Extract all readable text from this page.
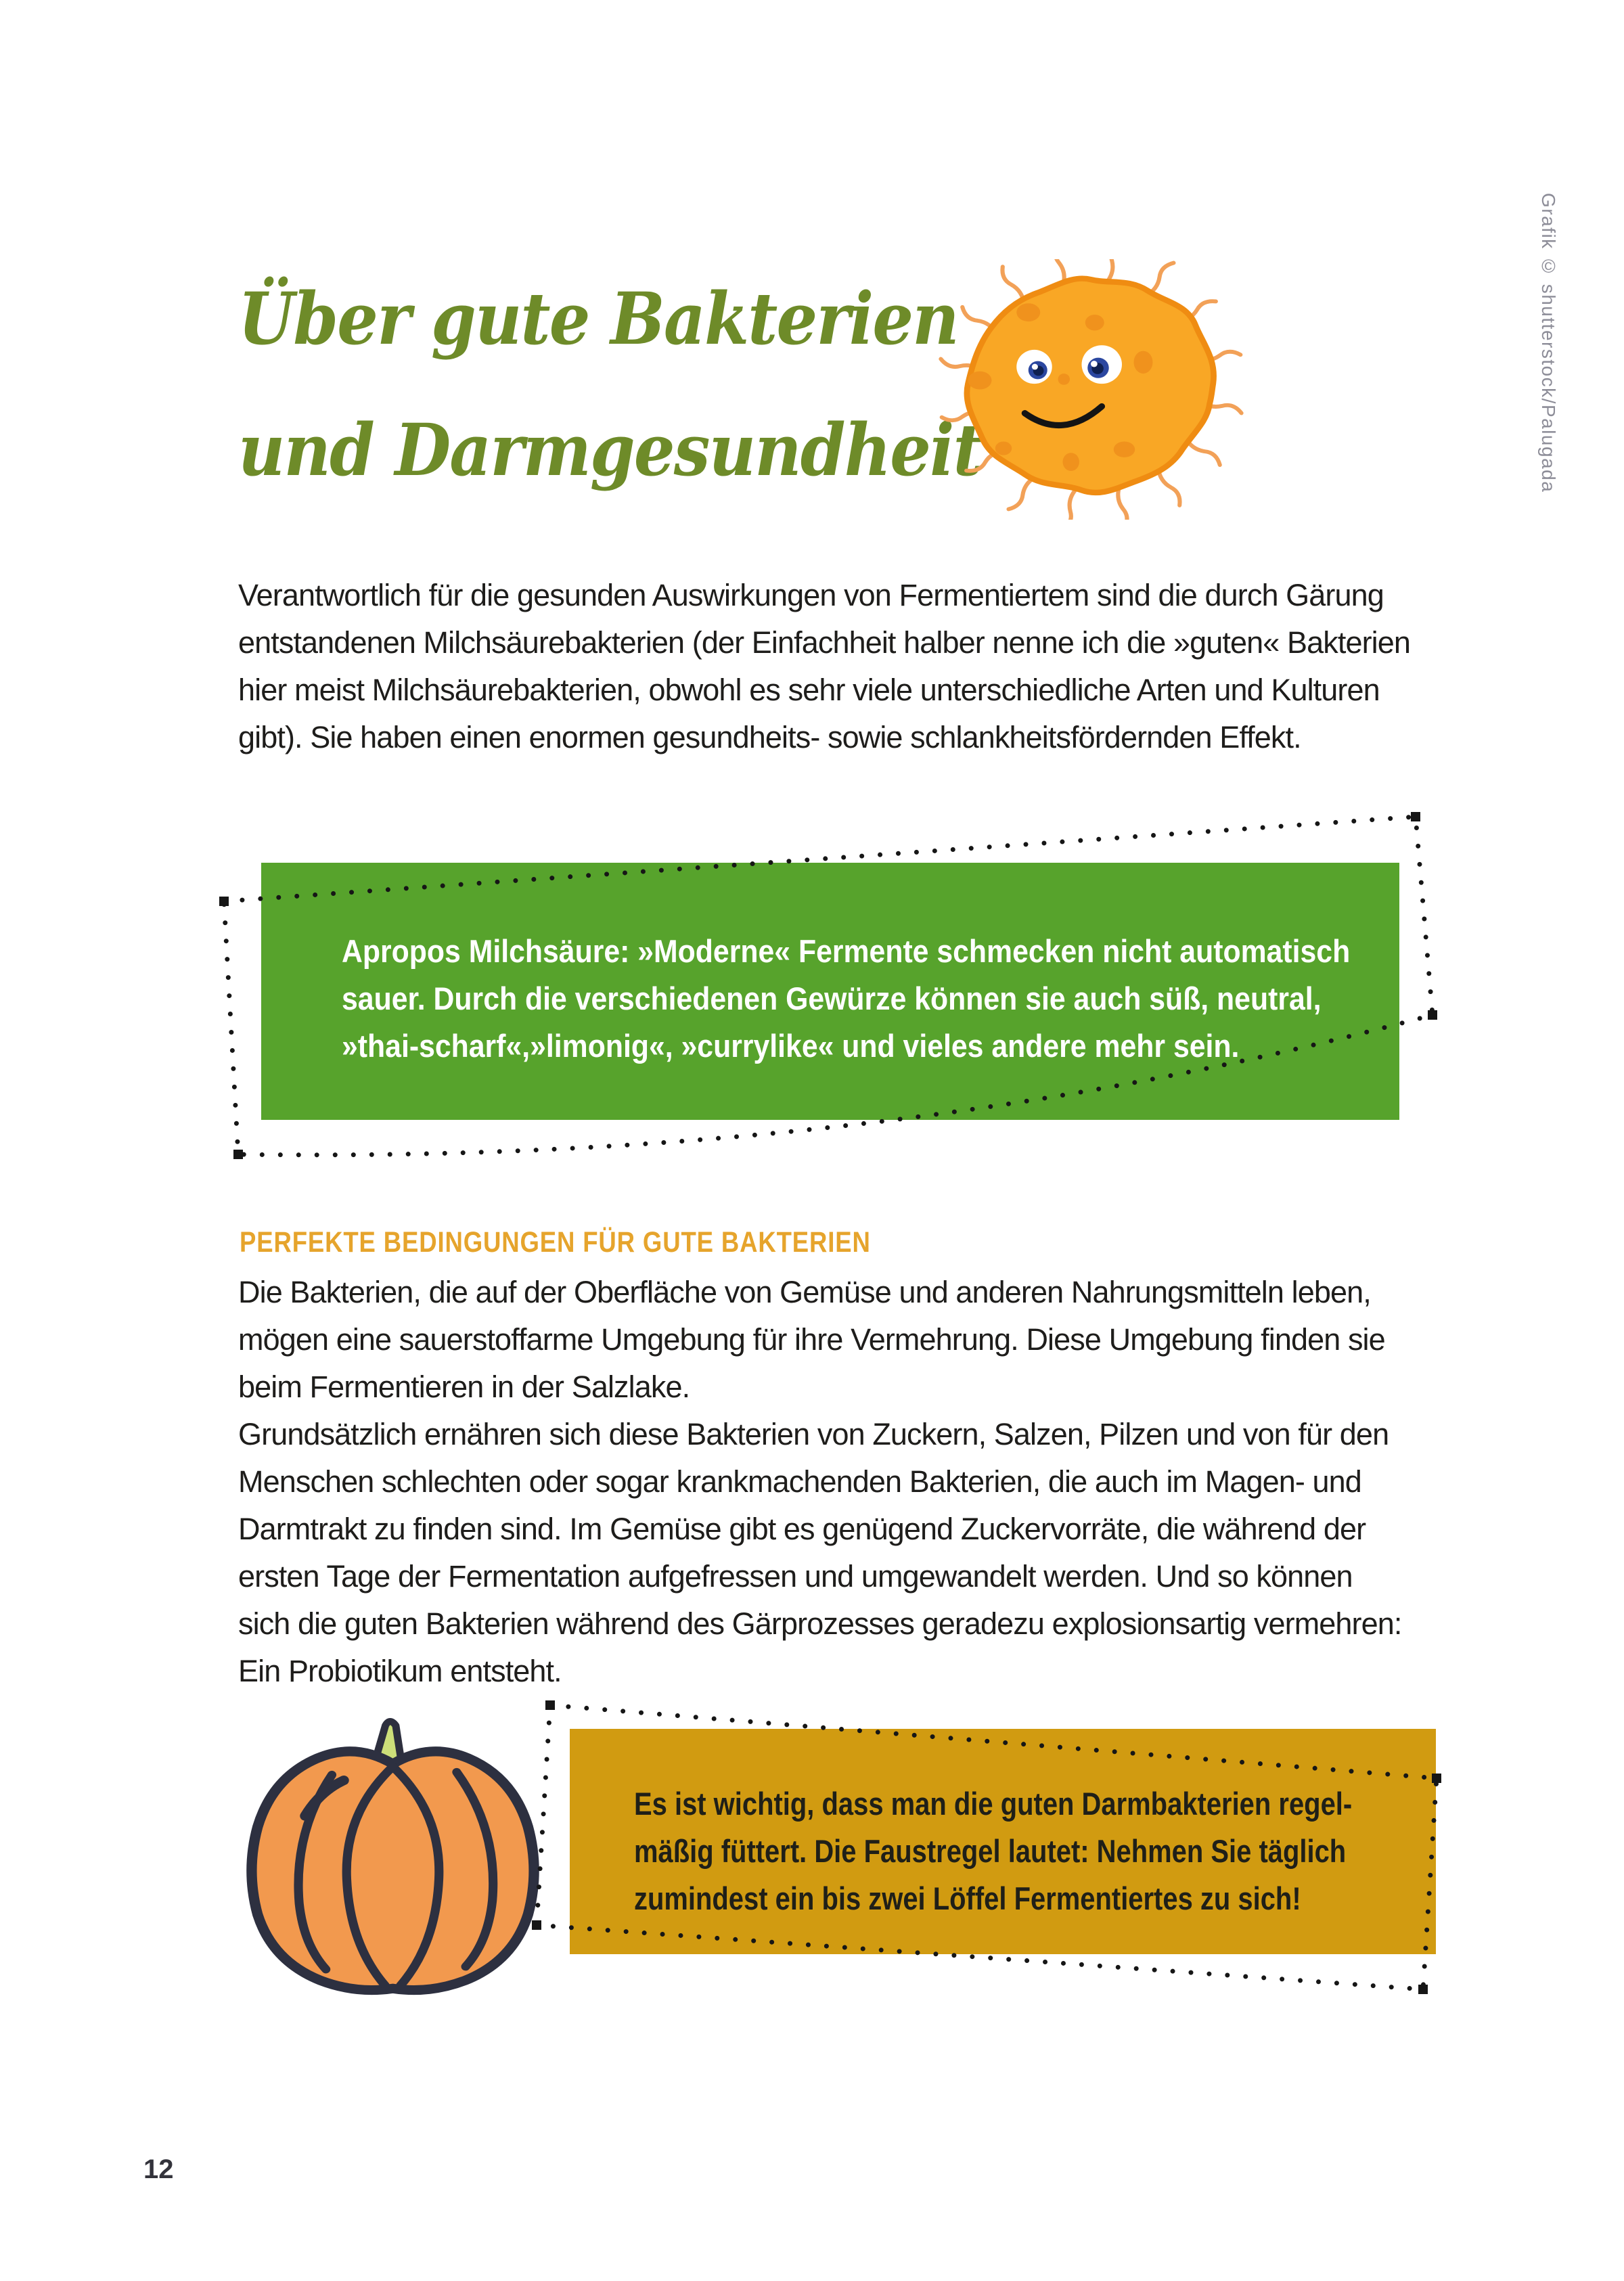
Grafik © shutterstock/Palugada
Über gute Bakterien
und Darmgesundheit
Verantwortlich für die gesunden Auswirkungen von Fermentiertem sind die durch Gärung
entstandenen Milchsäurebakterien (der Einfachheit halber nenne ich die »guten« Bakterien
hier meist Milchsäurebakterien, obwohl es sehr viele unterschiedliche Arten und Kulturen
gibt). Sie haben einen enormen gesundheits- sowie schlankheitsfördernden Effekt.
Apropos Milchsäure: »Moderne« Fermente schmecken nicht automatisch
sauer. Durch die verschiedenen Gewürze können sie auch süß, neutral,
»thai-scharf«,»limonig«, »currylike« und vieles andere mehr sein.
PERFEKTE BEDINGUNGEN FÜR GUTE BAKTERIEN
Die Bakterien, die auf der Oberfläche von Gemüse und anderen Nahrungsmitteln leben,
mögen eine sauerstoffarme Umgebung für ihre Vermehrung. Diese Umgebung finden sie
beim Fermentieren in der Salzlake.
Grundsätzlich ernähren sich diese Bakterien von Zuckern, Salzen, Pilzen und von für den
Menschen schlechten oder sogar krankmachenden Bakterien, die auch im Magen- und
Darmtrakt zu finden sind. Im Gemüse gibt es genügend Zuckervorräte, die während der
ersten Tage der Fermentation aufgefressen und umgewandelt werden. Und so können
sich die guten Bakterien während des Gärprozesses geradezu explosionsartig vermehren:
Ein Probiotikum entsteht.
Es ist wichtig, dass man die guten Darmbakterien regel-
mäßig füttert. Die Faustregel lautet: Nehmen Sie täglich
zumindest ein bis zwei Löffel Fermentiertes zu sich!
12
